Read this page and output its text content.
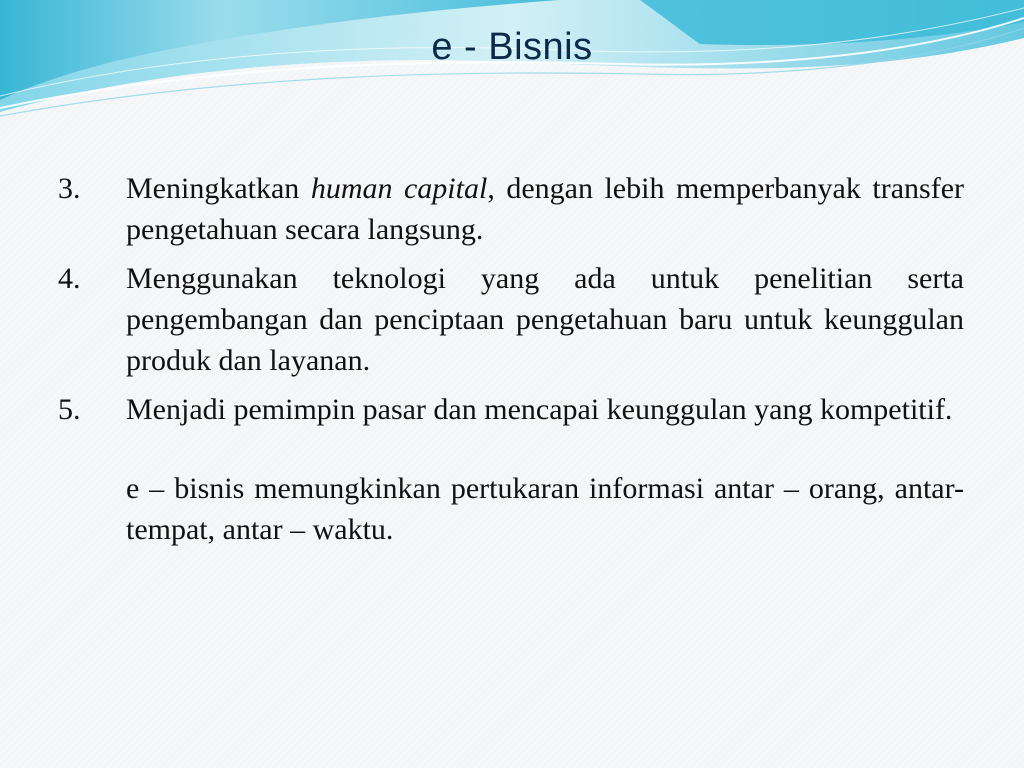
e - Bisnis
3.	Meningkatkan human capital, dengan lebih memperbanyak transfer pengetahuan secara langsung.
4.	Menggunakan teknologi yang ada untuk penelitian serta pengembangan dan penciptaan pengetahuan baru untuk keunggulan produk dan layanan.
5.	Menjadi pemimpin pasar dan mencapai keunggulan yang kompetitif.
e – bisnis memungkinkan pertukaran informasi antar – orang, antar- tempat, antar – waktu.
